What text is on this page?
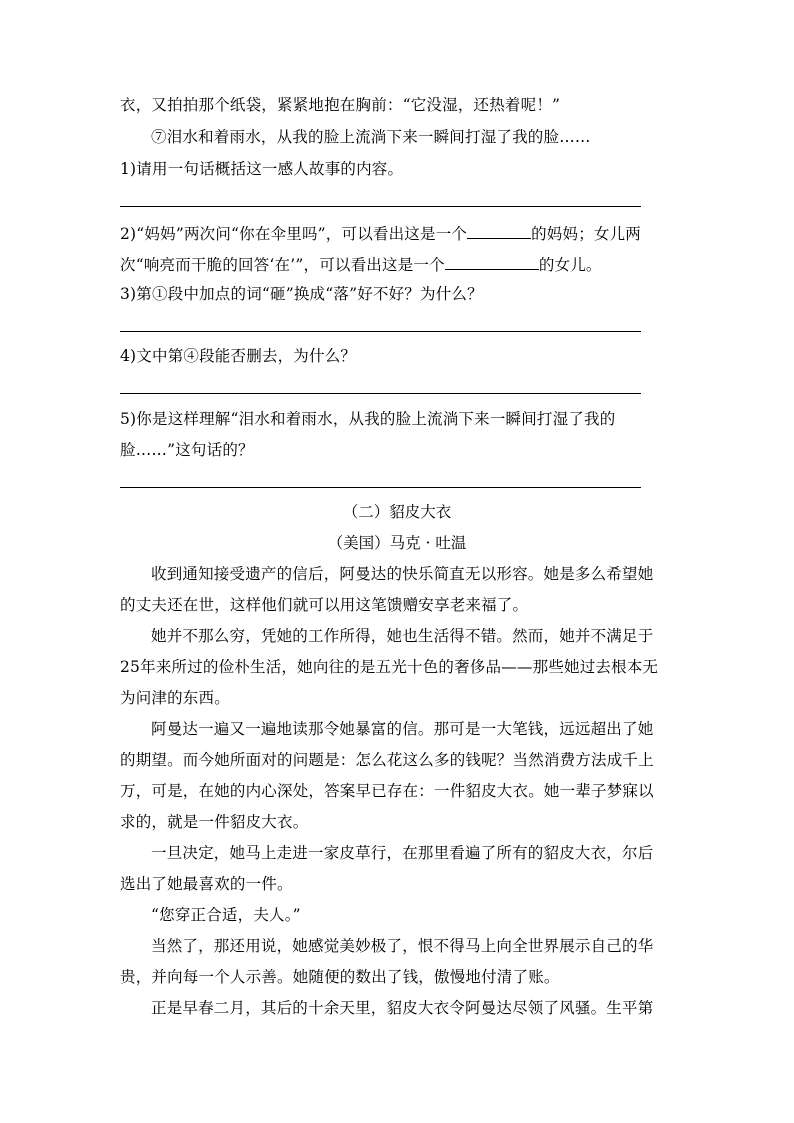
衣，又拍拍那个纸袋，紧紧地抱在胸前：“它没湿，还热着呢！”
⑦泪水和着雨水，从我的脸上流淌下来一瞬间打湿了我的脸……
1)请用一句话概括这一感人故事的内容。
2)“妈妈”两次问“你在伞里吗”，可以看出这是一个	的妈妈；女儿两
次“响亮而干脆的回答‘在’”，可以看出这是一个	的女儿。
3)第①段中加点的词“砸”换成“落”好不好？为什么？
4)文中第④段能否删去，为什么？
5)你是这样理解“泪水和着雨水，从我的脸上流淌下来一瞬间打湿了我的
脸……”这句话的？
（二）貂皮大衣
（美国）马克 · 吐温
收到通知接受遗产的信后，阿曼达的快乐简直无以形容。她是多么希望她
的丈夫还在世，这样他们就可以用这笔馈赠安享老来福了。
她并不那么穷，凭她的工作所得，她也生活得不错。然而，她并不满足于
25年来所过的俭朴生活，她向往的是五光十色的奢侈品——那些她过去根本无
为问津的东西。
阿曼达一遍又一遍地读那令她暴富的信。那可是一大笔钱，远远超出了她
的期望。而今她所面对的问题是：怎么花这么多的钱呢？当然消费方法成千上
万，可是，在她的内心深处，答案早已存在：一件貂皮大衣。她一辈子梦寐以
求的，就是一件貂皮大衣。
一旦决定，她马上走进一家皮草行，在那里看遍了所有的貂皮大衣，尔后
选出了她最喜欢的一件。
“您穿正合适，夫人。”
当然了，那还用说，她感觉美妙极了，恨不得马上向全世界展示自己的华
贵，并向每一个人示善。她随便的数出了钱，傲慢地付清了账。
正是早春二月，其后的十余天里，貂皮大衣令阿曼达尽领了风骚。生平第
